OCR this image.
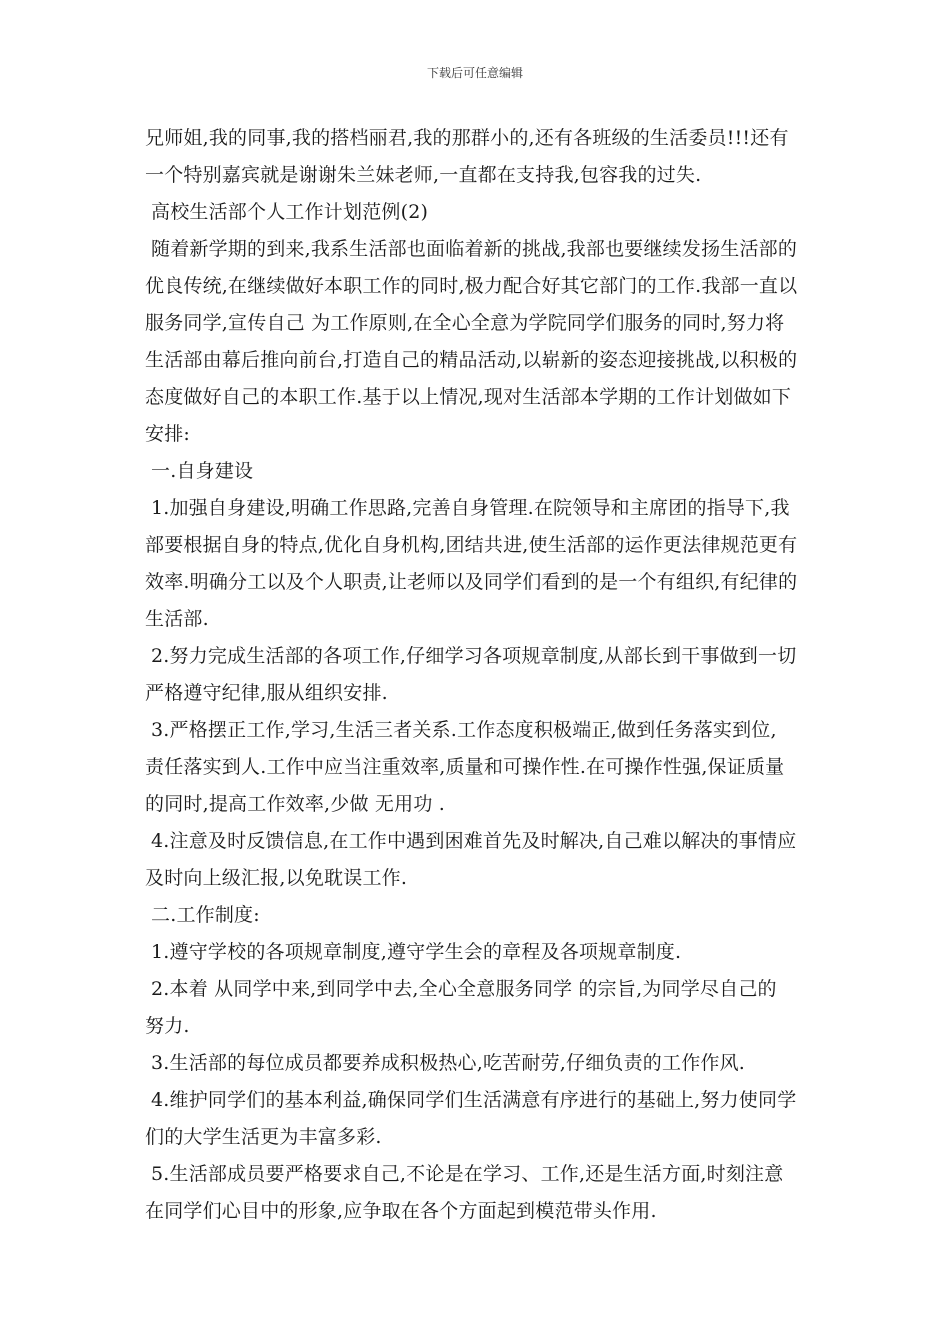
下载后可任意编辑
兄师姐,我的同事,我的搭档丽君,我的那群小的,还有各班级的生活委员!!!还有
一个特别嘉宾就是谢谢朱兰妹老师,一直都在支持我,包容我的过失.
高校生活部个人工作计划范例(2)
随着新学期的到来,我系生活部也面临着新的挑战,我部也要继续发扬生活部的
优良传统,在继续做好本职工作的同时,极力配合好其它部门的工作.我部一直以
服务同学,宣传自己 为工作原则,在全心全意为学院同学们服务的同时,努力将
生活部由幕后推向前台,打造自己的精品活动,以崭新的姿态迎接挑战,以积极的
态度做好自己的本职工作.基于以上情况,现对生活部本学期的工作计划做如下
安排:
一.自身建设
1.加强自身建设,明确工作思路,完善自身管理.在院领导和主席团的指导下,我
部要根据自身的特点,优化自身机构,团结共进,使生活部的运作更法律规范更有
效率.明确分工以及个人职责,让老师以及同学们看到的是一个有组织,有纪律的
生活部.
2.努力完成生活部的各项工作,仔细学习各项规章制度,从部长到干事做到一切
严格遵守纪律,服从组织安排.
3.严格摆正工作,学习,生活三者关系.工作态度积极端正,做到任务落实到位,
责任落实到人.工作中应当注重效率,质量和可操作性.在可操作性强,保证质量
的同时,提高工作效率,少做 无用功 .
4.注意及时反馈信息,在工作中遇到困难首先及时解决,自己难以解决的事情应
及时向上级汇报,以免耽误工作.
二.工作制度:
1.遵守学校的各项规章制度,遵守学生会的章程及各项规章制度.
2.本着 从同学中来,到同学中去,全心全意服务同学 的宗旨,为同学尽自己的
努力.
3.生活部的每位成员都要养成积极热心,吃苦耐劳,仔细负责的工作作风.
4.维护同学们的基本利益,确保同学们生活满意有序进行的基础上,努力使同学
们的大学生活更为丰富多彩.
5.生活部成员要严格要求自己,不论是在学习、工作,还是生活方面,时刻注意
在同学们心目中的形象,应争取在各个方面起到模范带头作用.
